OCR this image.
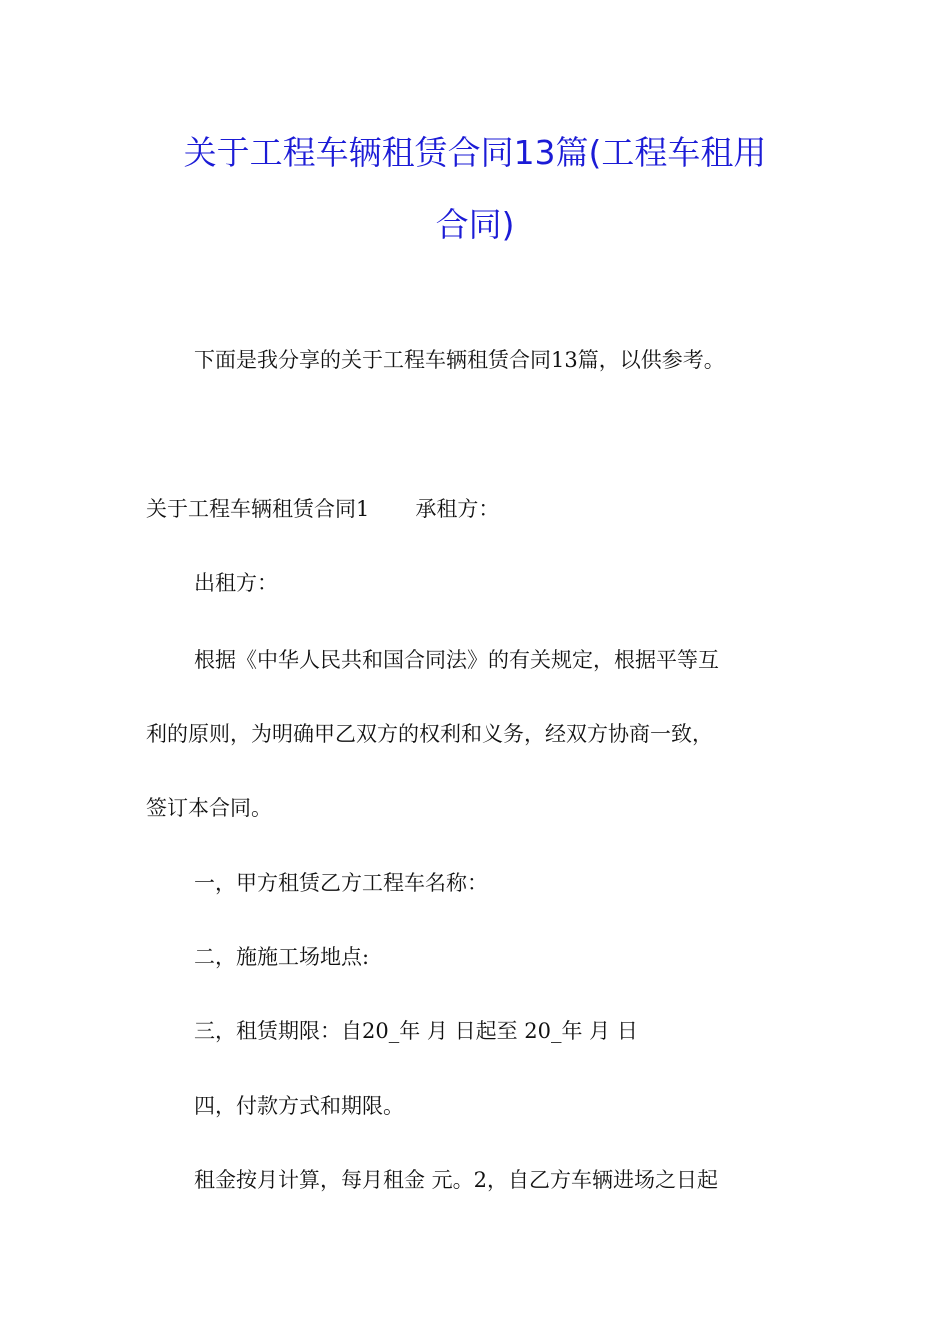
关于工程车辆租赁合同13篇(工程车租用
合同)
下面是我分享的关于工程车辆租赁合同13篇，以供参考。
关于工程车辆租赁合同1 承租方：
出租方：
根据《中华人民共和国合同法》的有关规定，根据平等互
利的原则，为明确甲乙双方的权利和义务，经双方协商一致，
签订本合同。
一，甲方租赁乙方工程车名称：
二，施施工场地点:
三，租赁期限：自20_年 月 日起至 20_年 月 日
四，付款方式和期限。
租金按月计算，每月租金 元。2，自乙方车辆进场之日起
